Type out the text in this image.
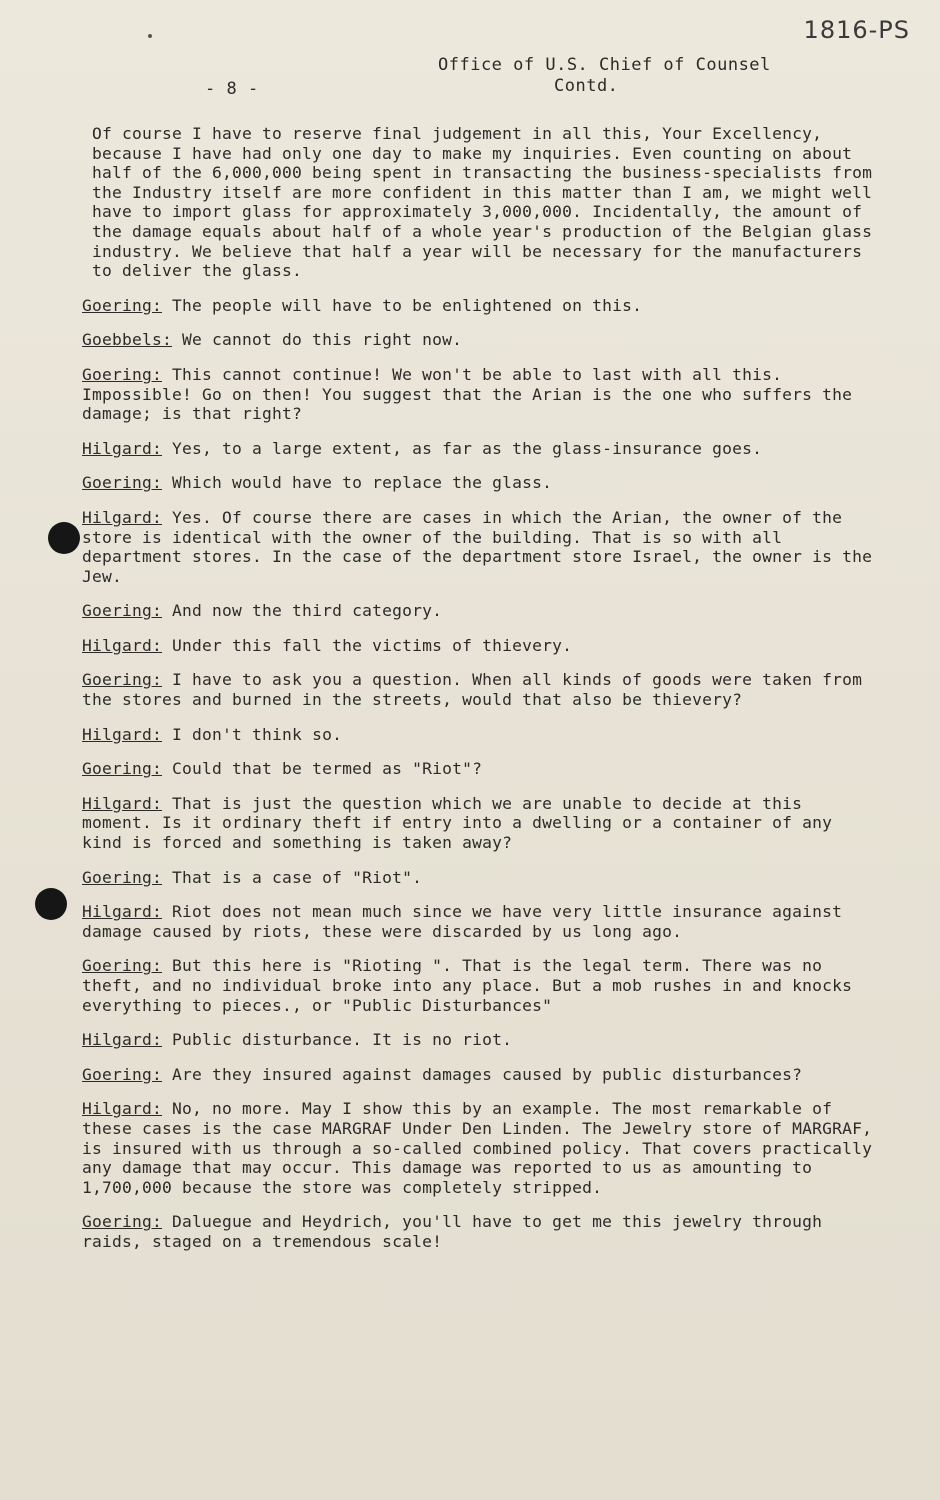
1816-PS
- 8 -
Office of U.S. Chief of Counsel
Contd.

Of course I have to reserve final judgement in all this, Your Excellency, because I have had only one day to make my inquiries. Even counting on about half of the 6,000,000 being spent in transacting the business-specialists from the Industry itself are more confident in this matter than I am, we might well have to import glass for approximately 3,000,000. Incidentally, the amount of the damage equals about half of a whole year's production of the Belgian glass industry. We believe that half a year will be necessary for the manufacturers to deliver the glass.

Goering: The people will have to be enlightened on this.

Goebbels: We cannot do this right now.

Goering: This cannot continue! We won't be able to last with all this. Impossible! Go on then! You suggest that the Arian is the one who suffers the damage; is that right?

Hilgard: Yes, to a large extent, as far as the glass-insurance goes.

Goering: Which would have to replace the glass.

Hilgard: Yes. Of course there are cases in which the Arian, the owner of the store is identical with the owner of the building. That is so with all department stores. In the case of the department store Israel, the owner is the Jew.

Goering: And now the third category.

Hilgard: Under this fall the victims of thievery.

Goering: I have to ask you a question. When all kinds of goods were taken from the stores and burned in the streets, would that also be thievery?

Hilgard: I don't think so.

Goering: Could that be termed as "Riot"?

Hilgard: That is just the question which we are unable to decide at this moment. Is it ordinary theft if entry into a dwelling or a container of any kind is forced and something is taken away?

Goering: That is a case of "Riot".

Hilgard: Riot does not mean much since we have very little insurance against damage caused by riots, these were discarded by us long ago.

Goering: But this here is "Rioting ". That is the legal term. There was no theft, and no individual broke into any place. But a mob rushes in and knocks everything to pieces., or "Public Disturbances"

Hilgard: Public disturbance. It is no riot.

Goering: Are they insured against damages caused by public disturbances?

Hilgard: No, no more. May I show this by an example. The most remarkable of these cases is the case MARGRAF Under Den Linden. The Jewelry store of MARGRAF, is insured with us through a so-called combined policy. That covers practically any damage that may occur. This damage was reported to us as amounting to 1,700,000 because the store was completely stripped.

Goering: Daluegue and Heydrich, you'll have to get me this jewelry through raids, staged on a tremendous scale!
